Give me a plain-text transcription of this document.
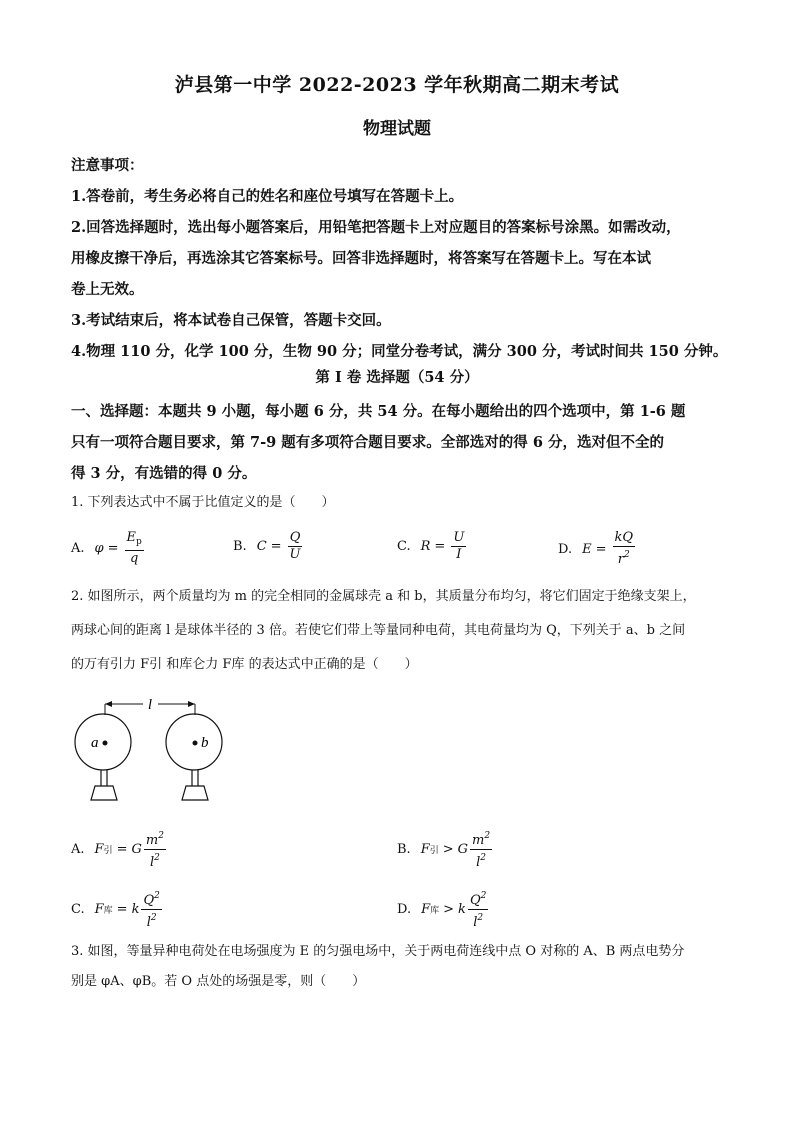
泸县第一中学 2022-2023 学年秋期高二期末考试
物理试题
注意事项：
1.答卷前，考生务必将自己的姓名和座位号填写在答题卡上。
2.回答选择题时，选出每小题答案后，用铅笔把答题卡上对应题目的答案标号涂黑。如需改动，
用橡皮擦干净后，再选涂其它答案标号。回答非选择题时，将答案写在答题卡上。写在本试
卷上无效。
3.考试结束后，将本试卷自己保管，答题卡交回。
4.物理 110 分，化学 100 分，生物 90 分；同堂分卷考试，满分 300 分，考试时间共 150 分钟。
第 I 卷 选择题（54 分）
一、选择题：本题共 9 小题，每小题 6 分，共 54 分。在每小题给出的四个选项中，第 1-6 题
只有一项符合题目要求，第 7-9 题有多项符合题目要求。全部选对的得 6 分，选对但不全的
得 3 分，有选错的得 0 分。
1. 下列表达式中不属于比值定义的是（　　）
A. $\varphi = \frac{E_p}{q}$	B. $C = \frac{Q}{U}$	C. $R = \frac{U}{I}$	D. $E = \frac{kQ}{r^2}$
2. 如图所示，两个质量均为 m 的完全相同的金属球壳 a 和 b，其质量分布均匀，将它们固定于绝缘支架上，
两球心间的距离 l 是球体半径的 3 倍。若使它们带上等量同种电荷，其电荷量均为 Q，下列关于 a、b 之间
的万有引力 F引 和库仑力 F库 的表达式中正确的是（　　）
l
a	b
A. F 引 = G $\frac{m^2}{l^2}$	B. F 引 > G $\frac{m^2}{l^2}$
C. F 库 = k $\frac{Q^2}{l^2}$	D. F 库 > k $\frac{Q^2}{l^2}$
3. 如图，等量异种电荷处在电场强度为 E 的匀强电场中，关于两电荷连线中点 O 对称的 A、B 两点电势分
别是 φA、φB。若 O 点处的场强是零，则（　　）
